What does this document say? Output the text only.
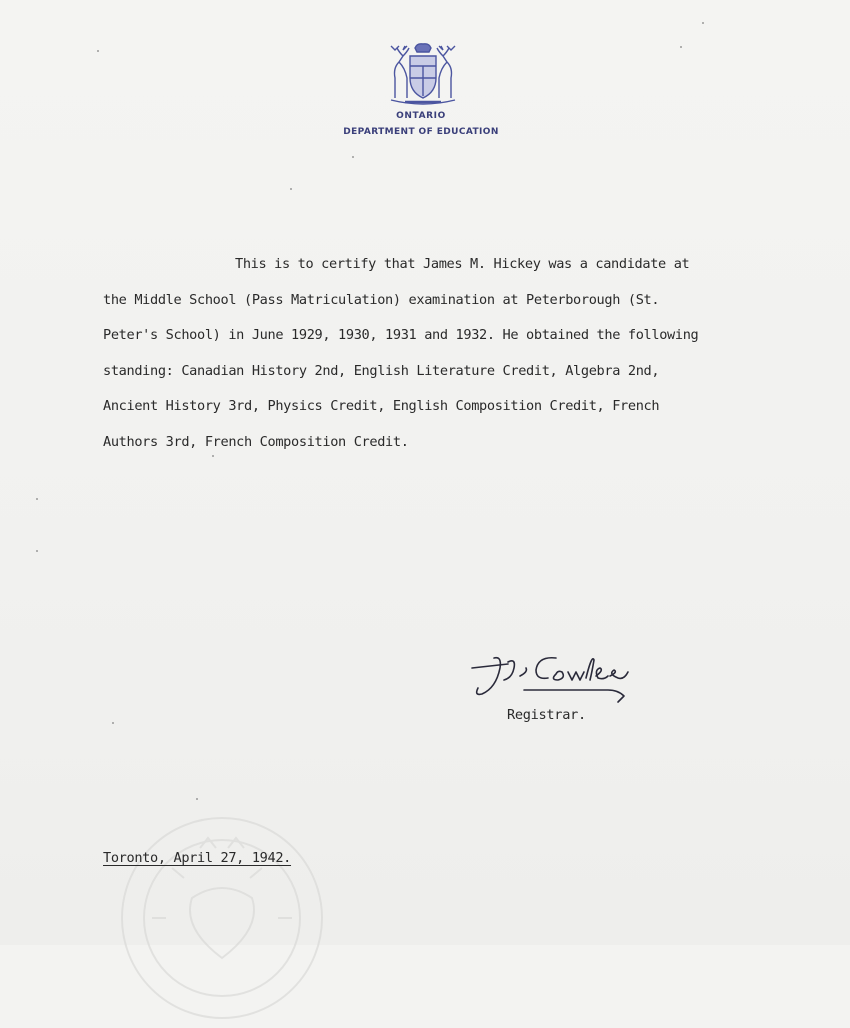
ONTARIO
DEPARTMENT OF EDUCATION
This is to certify that James M. Hickey was a candidate at
the Middle School (Pass Matriculation) examination at Peterborough (St.
Peter's School) in June 1929, 1930, 1931 and 1932. He obtained the following
standing: Canadian History 2nd, English Literature Credit, Algebra 2nd,
Ancient History 3rd, Physics Credit, English Composition Credit, French
Authors 3rd, French Composition Credit.
Registrar.
Toronto, April 27, 1942.
